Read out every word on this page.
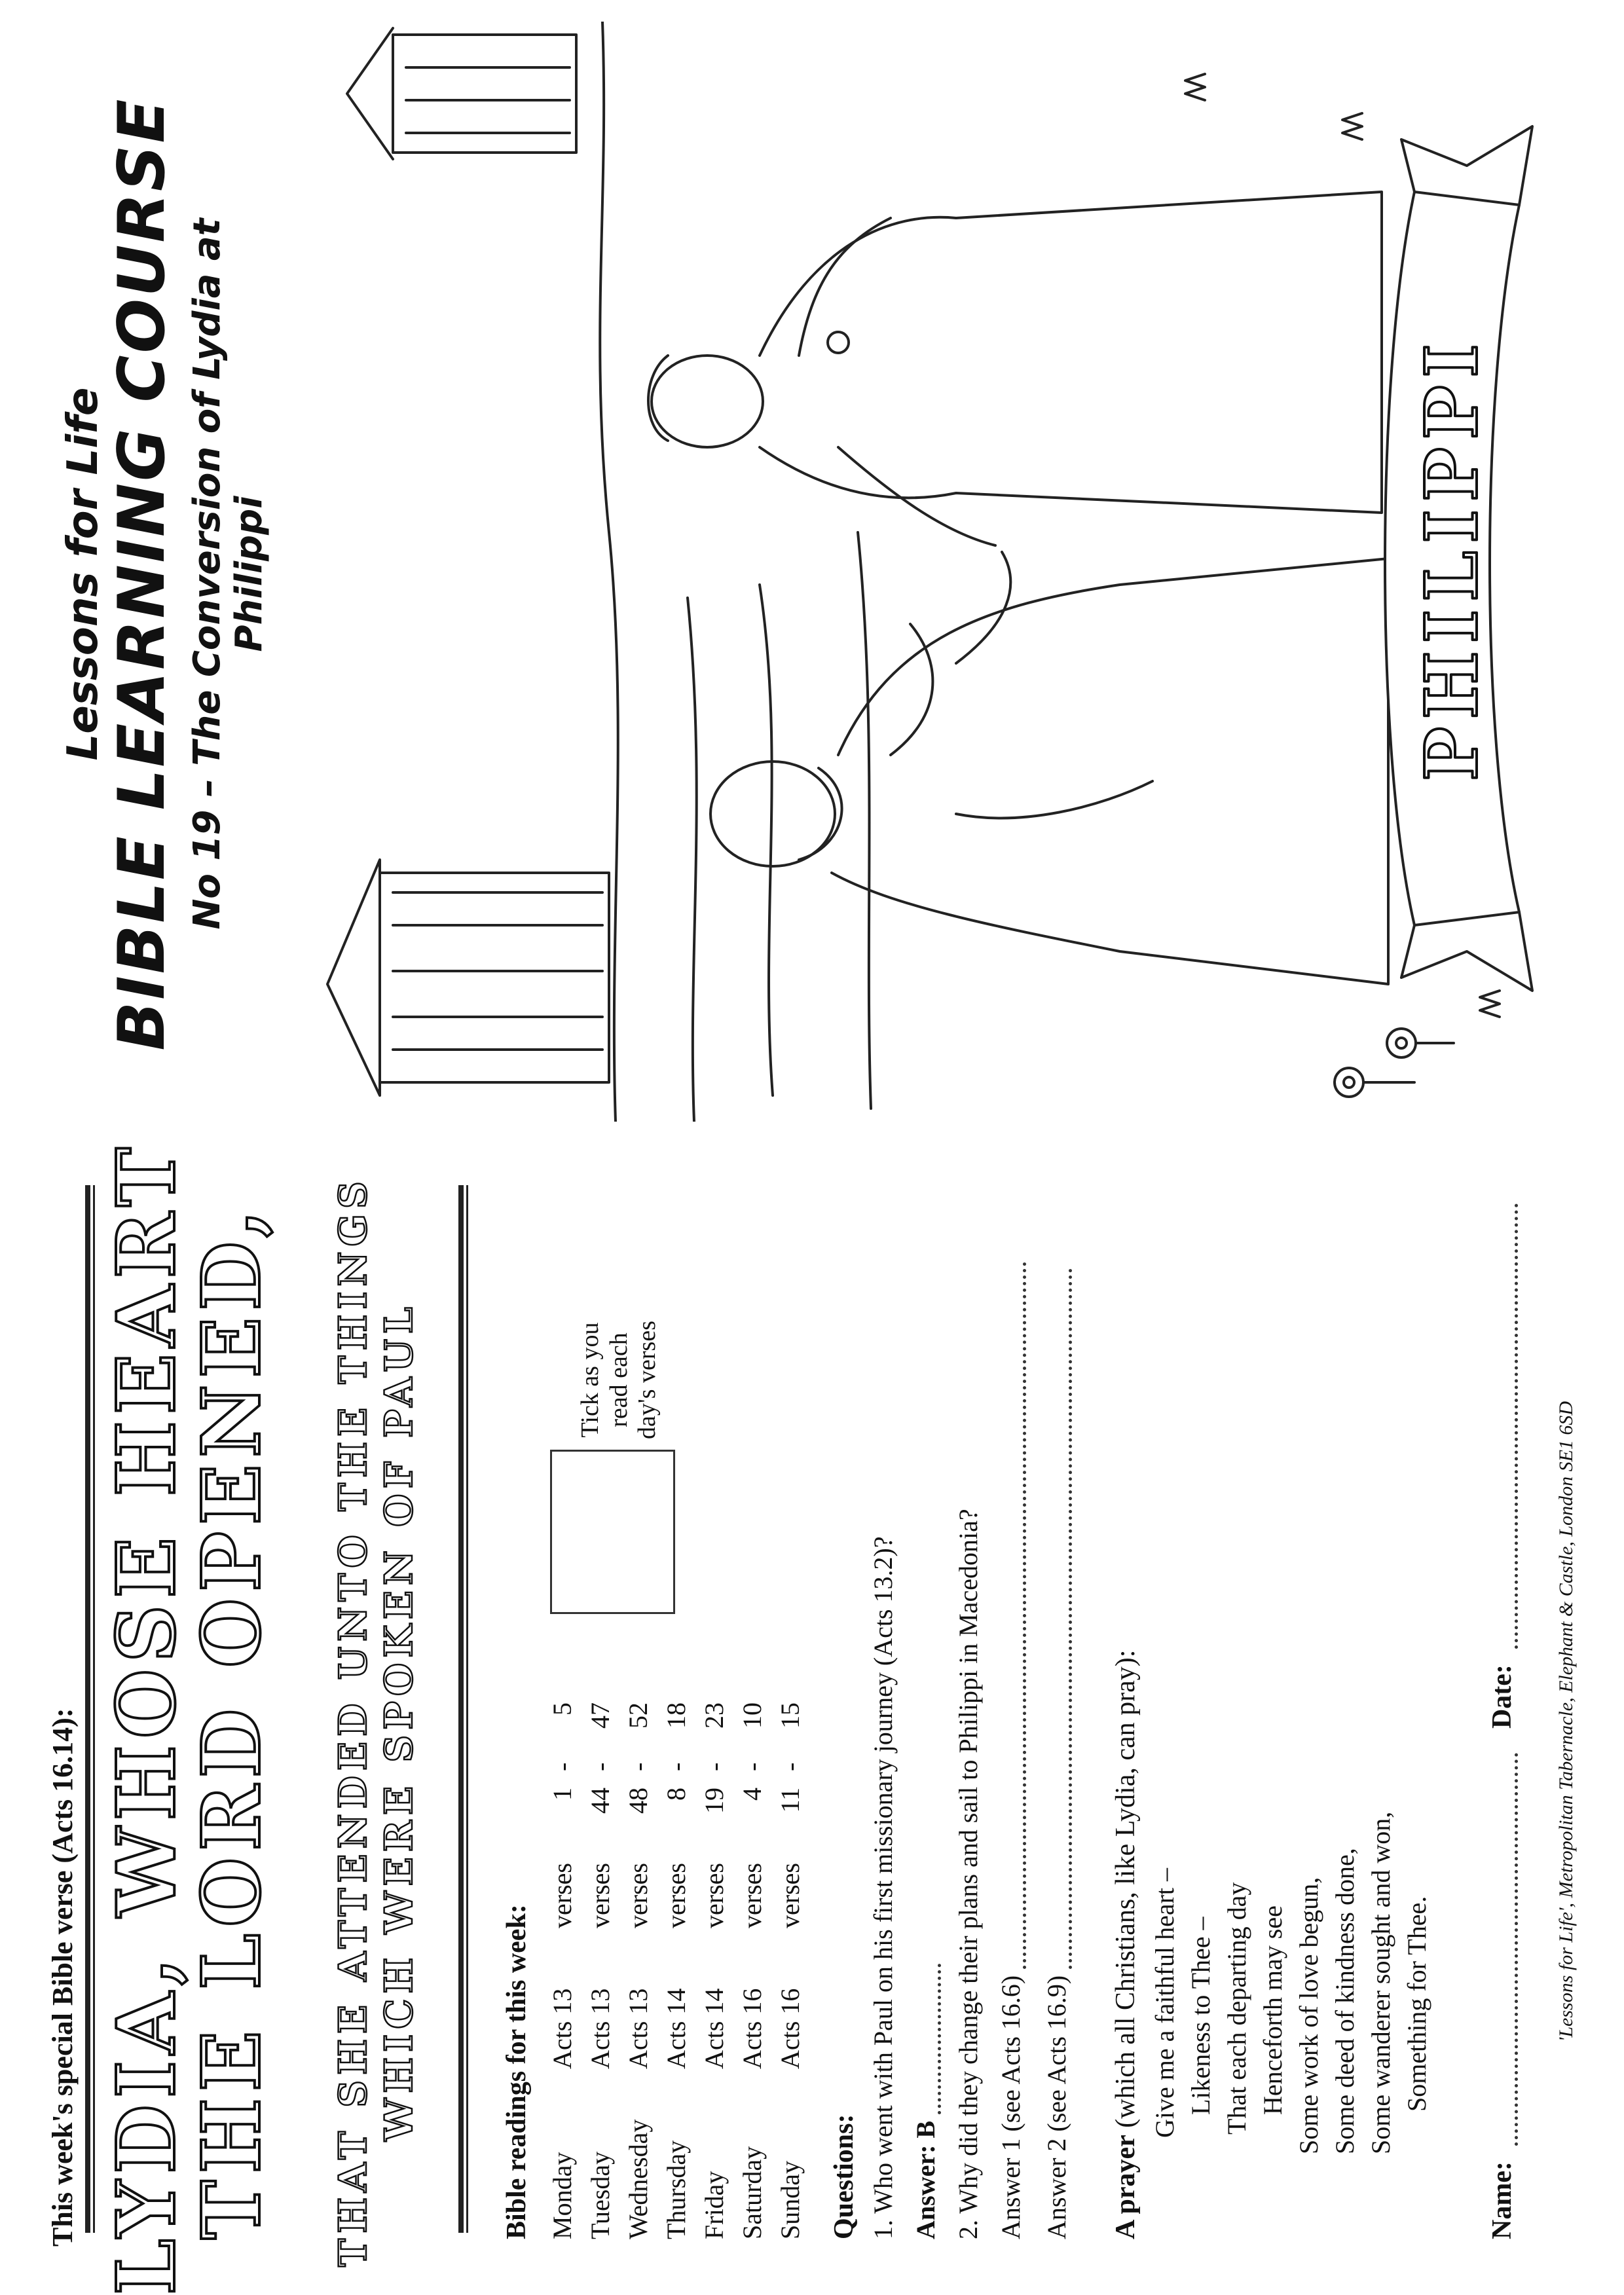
This week's special Bible verse (Acts 16.14): LYDIA, WHOSE HEART
THE LORD OPENED, THAT SHE ATTENDED UNTO THE THINGS WHICH WERE SPOKEN OF PAUL	Bible readings for this week: Monday
Acts 13
verses
1
-
5
Tuesday
Acts 13
verses
44
-
47
Wednesday
Acts 13
verses
48
-
52
Thursday
Acts 14
verses
8
-
18
Friday
Acts 14
verses
19
-
23
Saturday
Acts 16
verses
4
-
10
Sunday
Acts 16
verses
11
-
15
Tick as you read each day's verses
Questions: 1. Who went with Paul on his first missionary journey (Acts 13.2)? Answer: B 2. Why did they change their plans and sail to Philippi in Macedonia? Answer 1 (see Acts 16.6) Answer 2 (see Acts 16.9) A prayer (which all Christians, like Lydia, can pray): Give me a faithful heart – Likeness to Thee – That each departing day Henceforth may see Some work of love begun, Some deed of kindness done, Some wanderer sought and won, Something for Thee.
Name:  Date: 'Lessons for Life', Metropolitan Tabernacle, Elephant & Castle, London SE1 6SD
Lessons for Life
BIBLE LEARNING COURSE No 19 – The Conversion of Lydia at Philippi	PHILIPPI
